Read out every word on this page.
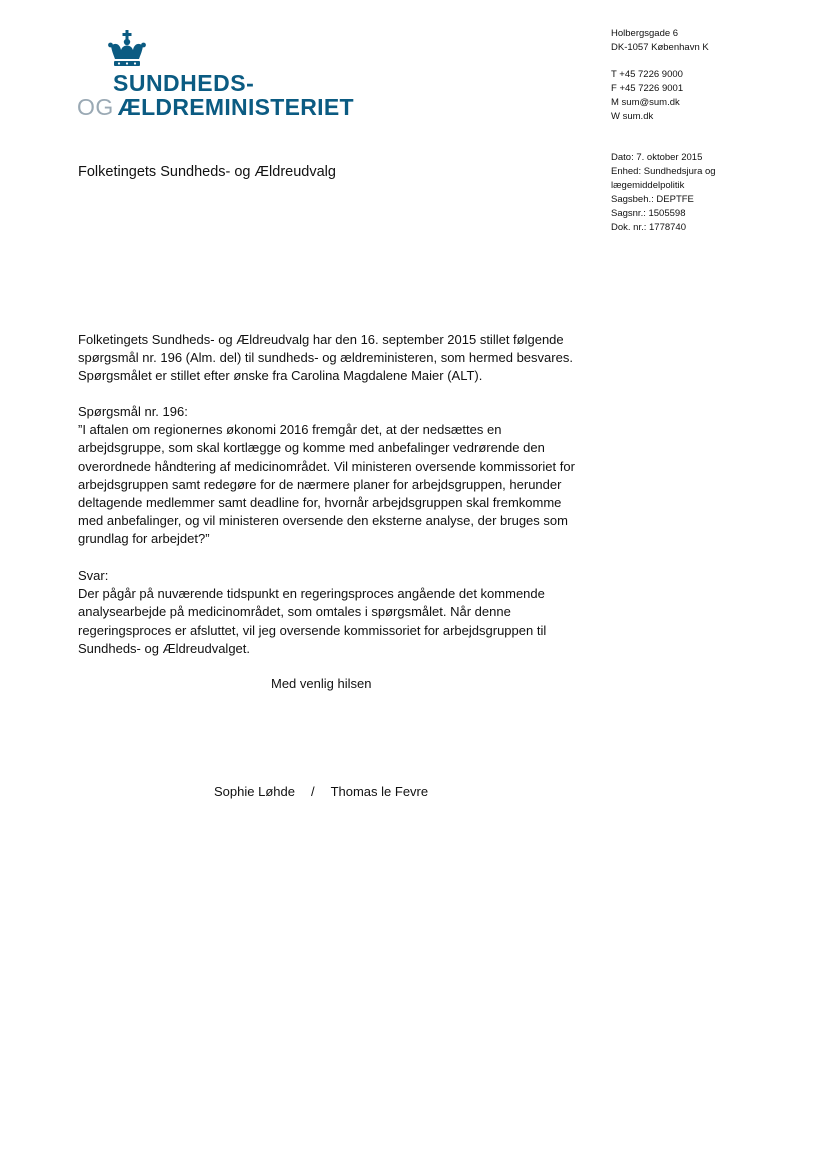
SUNDHEDS-
OG ÆLDREMINISTERIET
Holbergsgade 6
DK-1057 København K
T +45 7226 9000
F +45 7226 9001
M sum@sum.dk
W sum.dk
Dato: 7. oktober 2015
Enhed: Sundhedsjura og
lægemiddelpolitik
Sagsbeh.: DEPTFE
Sagsnr.: 1505598
Dok. nr.: 1778740
Folketingets Sundheds- og Ældreudvalg

Folketingets Sundheds- og Ældreudvalg har den 16. september 2015 stillet følgende spørgsmål nr. 196 (Alm. del) til sundheds- og ældreministeren, som hermed besvares. Spørgsmålet er stillet efter ønske fra Carolina Magdalene Maier (ALT).

Spørgsmål nr. 196:

”I aftalen om regionernes økonomi 2016 fremgår det, at der nedsættes en arbejdsgruppe, som skal kortlægge og komme med anbefalinger vedrørende den overordnede håndtering af medicinområdet. Vil ministeren oversende kommissoriet for arbejdsgruppen samt redegøre for de nærmere planer for arbejdsgruppen, herunder deltagende medlemmer samt deadline for, hvornår arbejdsgruppen skal fremkomme med anbefalinger, og vil ministeren oversende den eksterne analyse, der bruges som grundlag for arbejdet?”

Svar:

Der pågår på nuværende tidspunkt en regeringsproces angående det kommende analysearbejde på medicinområdet, som omtales i spørgsmålet. Når denne regeringsproces er afsluttet, vil jeg oversende kommissoriet for arbejdsgruppen til Sundheds- og Ældreudvalget.

Med venlig hilsen
Sophie Løhde / Thomas le Fevre
